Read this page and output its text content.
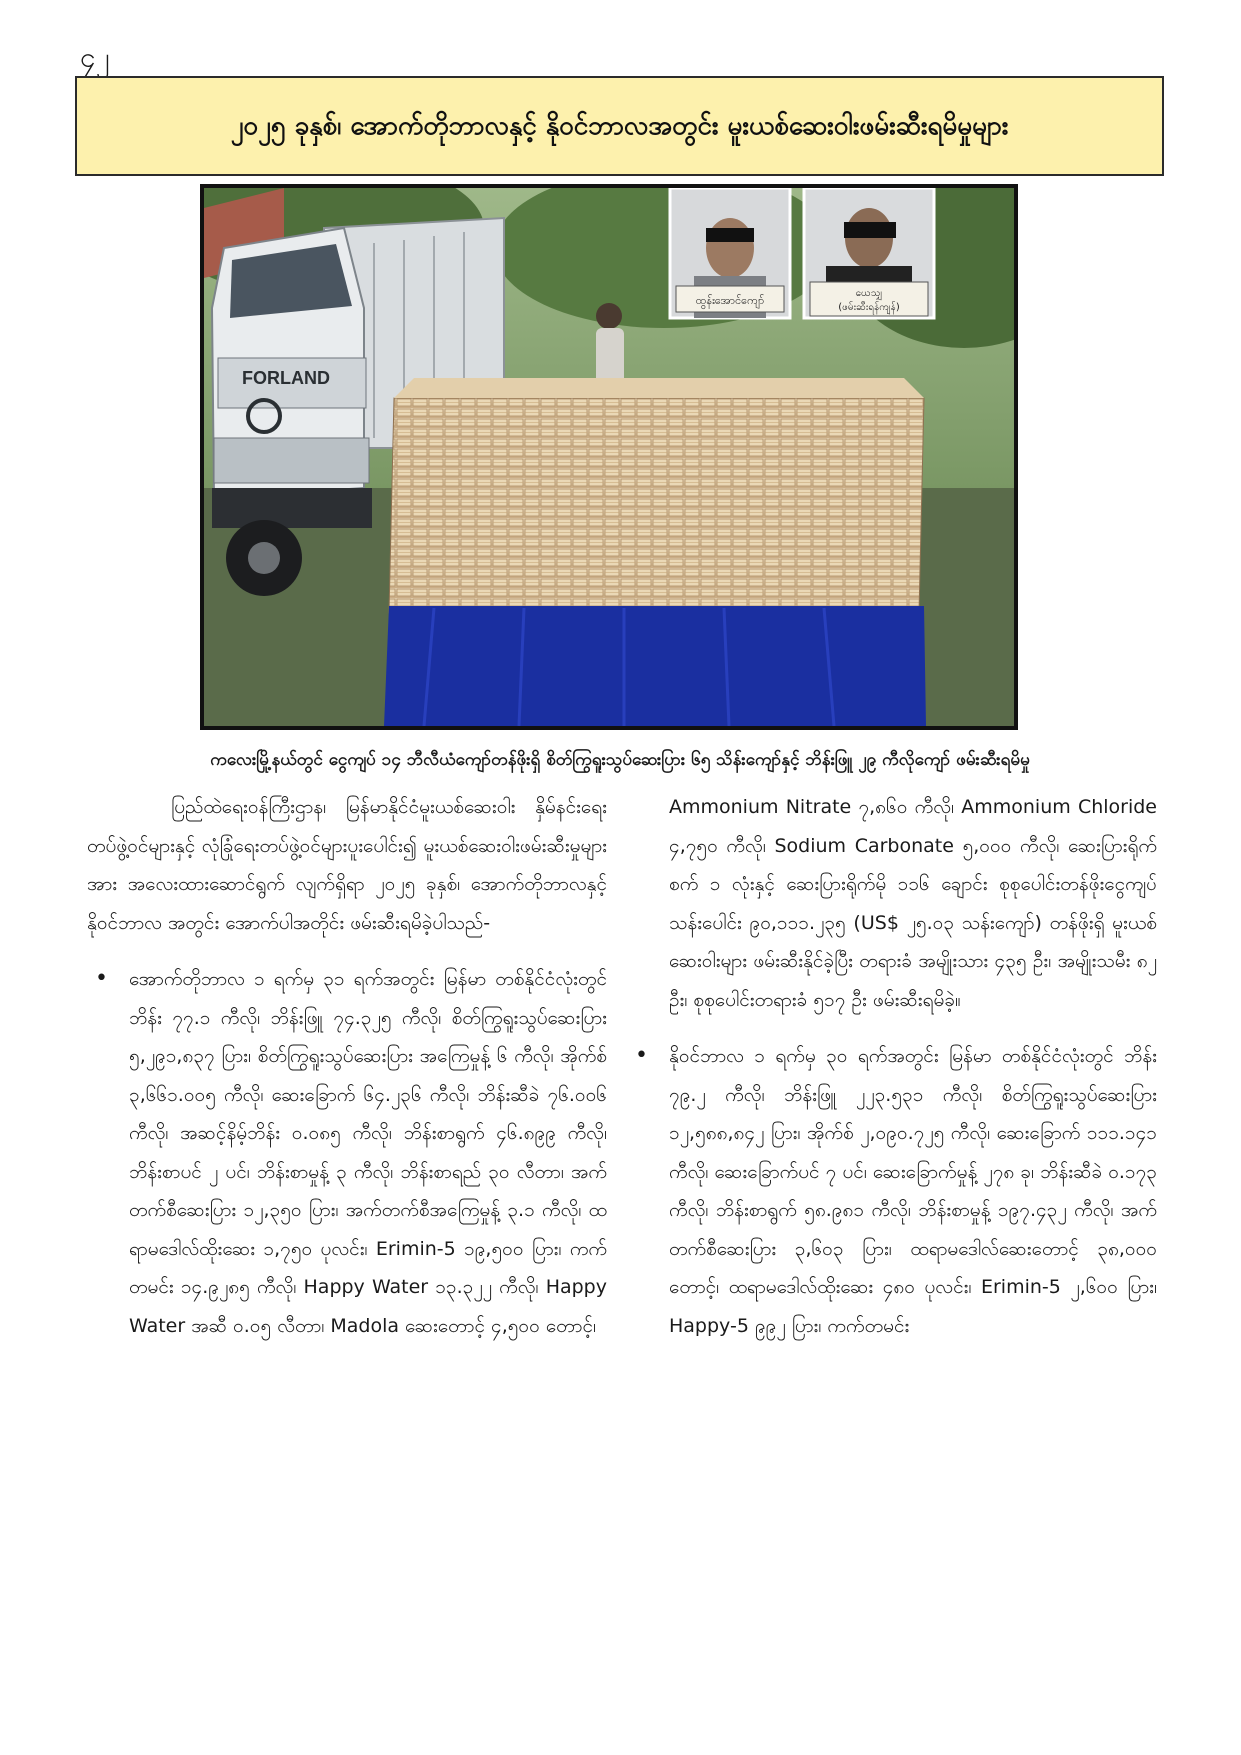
၄၂
၂၀၂၅ ခုနှစ်၊ အောက်တိုဘာလနှင့် နိုဝင်ဘာလအတွင်း မူးယစ်ဆေးဝါးဖမ်းဆီးရမိမှုများ
FORLAND
ထွန်းအောင်ကျော်
ယေသျှ
(ဖမ်းဆီးရန်ကျန်)
ကလေးမြို့နယ်တွင် ငွေကျပ် ၁၄ ဘီလီယံကျော်တန်ဖိုးရှိ စိတ်ကြွရူးသွပ်ဆေးပြား ၆၅ သိန်းကျော်နှင့် ဘိန်းဖြူ ၂၉ ကီလိုကျော် ဖမ်းဆီးရမိမှု

ပြည်ထဲရေးဝန်ကြီးဌာန၊ မြန်မာနိုင်ငံမူးယစ်ဆေးဝါး နှိမ်နင်းရေးတပ်ဖွဲ့ဝင်များနှင့် လုံခြုံရေးတပ်ဖွဲ့ဝင်များပူးပေါင်း၍ မူးယစ်ဆေးဝါးဖမ်းဆီးမှုများအား အလေးထားဆောင်ရွက် လျက်ရှိရာ ၂၀၂၅ ခုနှစ်၊ အောက်တိုဘာလနှင့် နိုဝင်ဘာလ အတွင်း အောက်ပါအတိုင်း ဖမ်းဆီးရမိခဲ့ပါသည်-

• အောက်တိုဘာလ ၁ ရက်မှ ၃၁ ရက်အတွင်း မြန်မာ တစ်နိုင်ငံလုံးတွင် ဘိန်း ၇၇.၁ ကီလို၊ ဘိန်းဖြူ ၇၄.၃၂၅ ကီလို၊ စိတ်ကြွရူးသွပ်ဆေးပြား ၅,၂၉၁,၈၃၇ ပြား၊ စိတ်ကြွရူးသွပ်ဆေးပြား အကြေမှုန့် ၆ ကီလို၊ အိုက်စ် ၃,၆၆၁.၀၀၅ ကီလို၊ ဆေးခြောက် ၆၄.၂၃၆ ကီလို၊ ဘိန်းဆီခဲ ၇၆.၀၀၆ ကီလို၊ အဆင့်နိမ့်ဘိန်း ၀.၀၈၅ ကီလို၊ ဘိန်းစာရွက် ၄၆.၈၉၉ ကီလို၊ ဘိန်းစာပင် ၂ ပင်၊ ဘိန်းစာမှုန့် ၃ ကီလို၊ ဘိန်းစာရည် ၃၀ လီတာ၊ အက်တက်စီဆေးပြား ၁၂,၃၅၀ ပြား၊ အက်တက်စီအကြေမှုန့် ၃.၁ ကီလို၊ ထရာမဒေါလ်ထိုးဆေး ၁,၇၅၀ ပုလင်း၊ Erimin-5 ၁၉,၅၀၀ ပြား၊ ကက်တမင်း ၁၄.၉၂၈၅ ကီလို၊ Happy Water ၁၃.၃၂၂ ကီလို၊ Happy Water အဆီ ၀.၀၅ လီတာ၊ Madola ဆေးတောင့် ၄,၅၀၀ တောင့်၊

Ammonium Nitrate ၇,၈၆၀ ကီလို၊ Ammonium Chloride ၄,၇၅၀ ကီလို၊ Sodium Carbonate ၅,၀၀၀ ကီလို၊ ဆေးပြားရိုက်စက် ၁ လုံးနှင့် ဆေးပြားရိုက်မို ၁၁၆ ချောင်း စုစုပေါင်းတန်ဖိုးငွေကျပ်သန်းပေါင်း ၉၀,၁၁၁.၂၃၅ (US$ ၂၅.၀၃ သန်းကျော်) တန်ဖိုးရှိ မူးယစ်ဆေးဝါးများ ဖမ်းဆီးနိုင်ခဲ့ပြီး တရားခံ အမျိုးသား ၄၃၅ ဦး၊ အမျိုးသမီး ၈၂ ဦး၊ စုစုပေါင်းတရားခံ ၅၁၇ ဦး ဖမ်းဆီးရမိခဲ့။

• နိုဝင်ဘာလ ၁ ရက်မှ ၃၀ ရက်အတွင်း မြန်မာ တစ်နိုင်ငံလုံးတွင် ဘိန်း ၇၉.၂ ကီလို၊ ဘိန်းဖြူ ၂၂၃.၅၃၁ ကီလို၊ စိတ်ကြွရူးသွပ်ဆေးပြား ၁၂,၅၈၈,၈၄၂ ပြား၊ အိုက်စ် ၂,၀၉၀.၇၂၅ ကီလို၊ ဆေးခြောက် ၁၁၁.၁၄၁ ကီလို၊ ဆေးခြောက်ပင် ၇ ပင်၊ ဆေးခြောက်မှုန့် ၂၇၈ ခု၊ ဘိန်းဆီခဲ ၀.၁၇၃ ကီလို၊ ဘိန်းစာရွက် ၅၈.၉၈၁ ကီလို၊ ဘိန်းစာမှုန့် ၁၉၇.၄၃၂ ကီလို၊ အက်တက်စီဆေးပြား ၃,၆၀၃ ပြား၊ ထရာမဒေါလ်ဆေးတောင့် ၃၈,၀၀၀ တောင့်၊ ထရာမဒေါလ်ထိုးဆေး ၄၈၀ ပုလင်း၊ Erimin-5 ၂,၆၀၀ ပြား၊ Happy-5 ၉၉၂ ပြား၊ ကက်တမင်း
